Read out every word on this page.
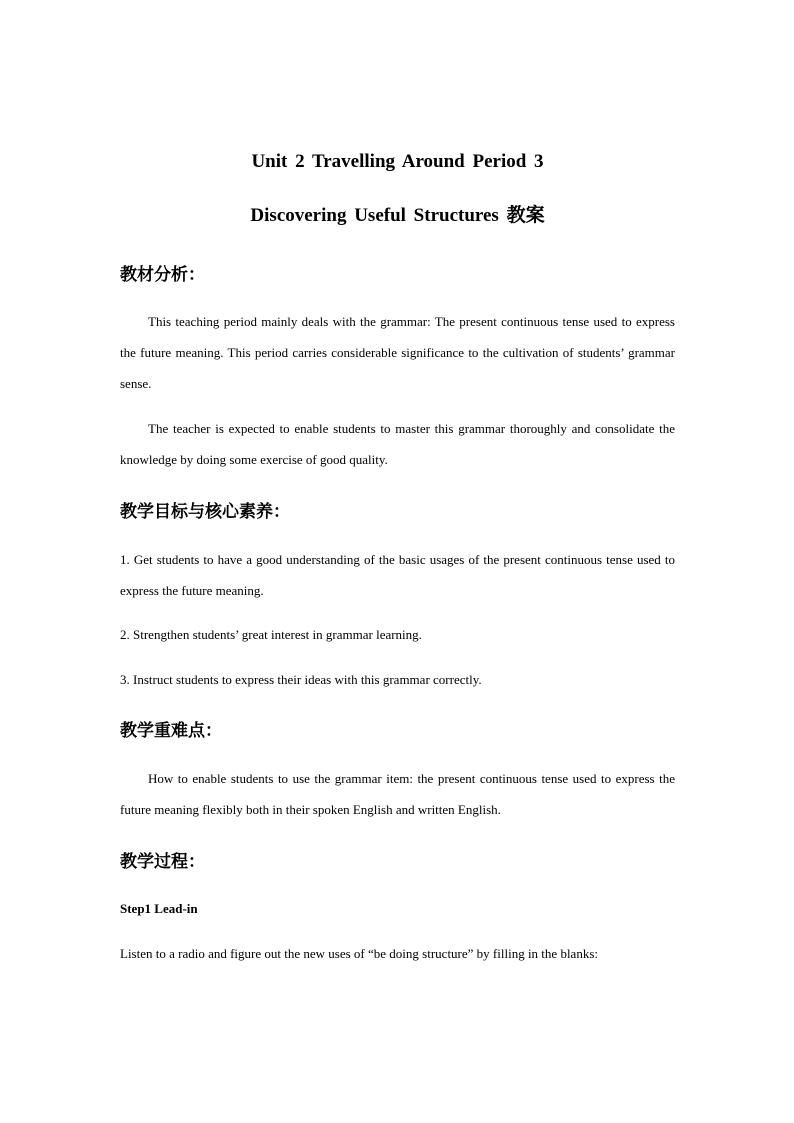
Unit 2 Travelling Around Period 3
Discovering Useful Structures 教案
教材分析：
This teaching period mainly deals with the grammar: The present continuous tense used to express the future meaning. This period carries considerable significance to the cultivation of students’ grammar sense.
The teacher is expected to enable students to master this grammar thoroughly and consolidate the knowledge by doing some exercise of good quality.
教学目标与核心素养：
1. Get students to have a good understanding of the basic usages of the present continuous tense used to express the future meaning.
2. Strengthen students’ great interest in grammar learning.
3. Instruct students to express their ideas with this grammar correctly.
教学重难点：
How to enable students to use the grammar item: the present continuous tense used to express the future meaning flexibly both in their spoken English and written English.
教学过程：
Step1 Lead-in
Listen to a radio and figure out the new uses of “be doing structure” by filling in the blanks:
